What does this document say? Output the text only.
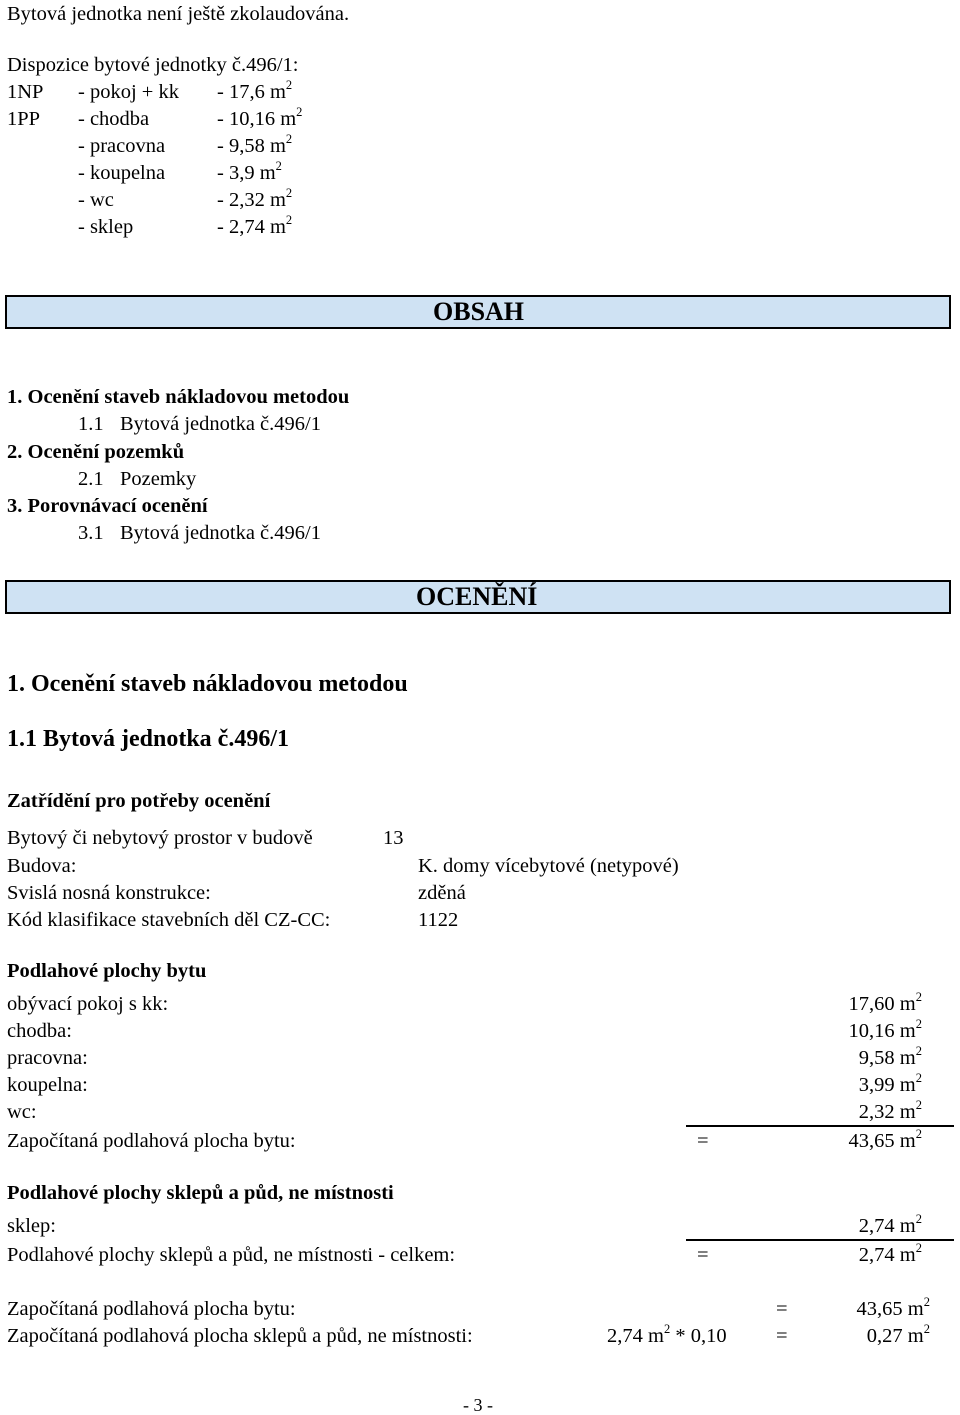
Bytová jednotka není ještě zkolaudována.
Dispozice bytové jednotky č.496/1:
1NP - pokoj + kk - 17,6 $m^2$
1PP - chodba	- 10,16 $m^2$
- pracovna	- 9,58 $m^2$
- koupelna	- 3,9 $m^2$
- wc	- 2,32 $m^2$
- sklep	- 2,74 $m^2$
OBSAH
1. Ocenění staveb nákladovou metodou
1.1 Bytová jednotka č.496/1
2. Ocenění pozemků
2.1 Pozemky
3. Porovnávací ocenění
3.1 Bytová jednotka č.496/1
OCENĚNÍ
1. Ocenění staveb nákladovou metodou
1.1 Bytová jednotka č.496/1
Zatřídění pro potřeby ocenění
Bytový či nebytový prostor v budově	13
Budova:	K. domy vícebytové (netypové)
Svislá nosná konstrukce:	zděná
Kód klasifikace stavebních děl CZ-CC:	1122
Podlahové plochy bytu
obývací pokoj s kk:	17,60 $m^2$
chodba:	10,16 $m^2$
pracovna:	9,58 $m^2$
koupelna:	3,99 $m^2$
wc:	2,32 $m^2$
Započítaná podlahová plocha bytu:	=	43,65 $m^2$
Podlahové plochy sklepů a půd, ne místnosti
sklep:	2,74 $m^2$
Podlahové plochy sklepů a půd, ne místnosti - celkem:	=	2,74 $m^2$
Započítaná podlahová plocha bytu:	=	43,65 $m^2$
Započítaná podlahová plocha sklepů a půd, ne místnosti:	2,74 $m^2 * 0,10$ =	0,27 $m^2$
- 3 -
